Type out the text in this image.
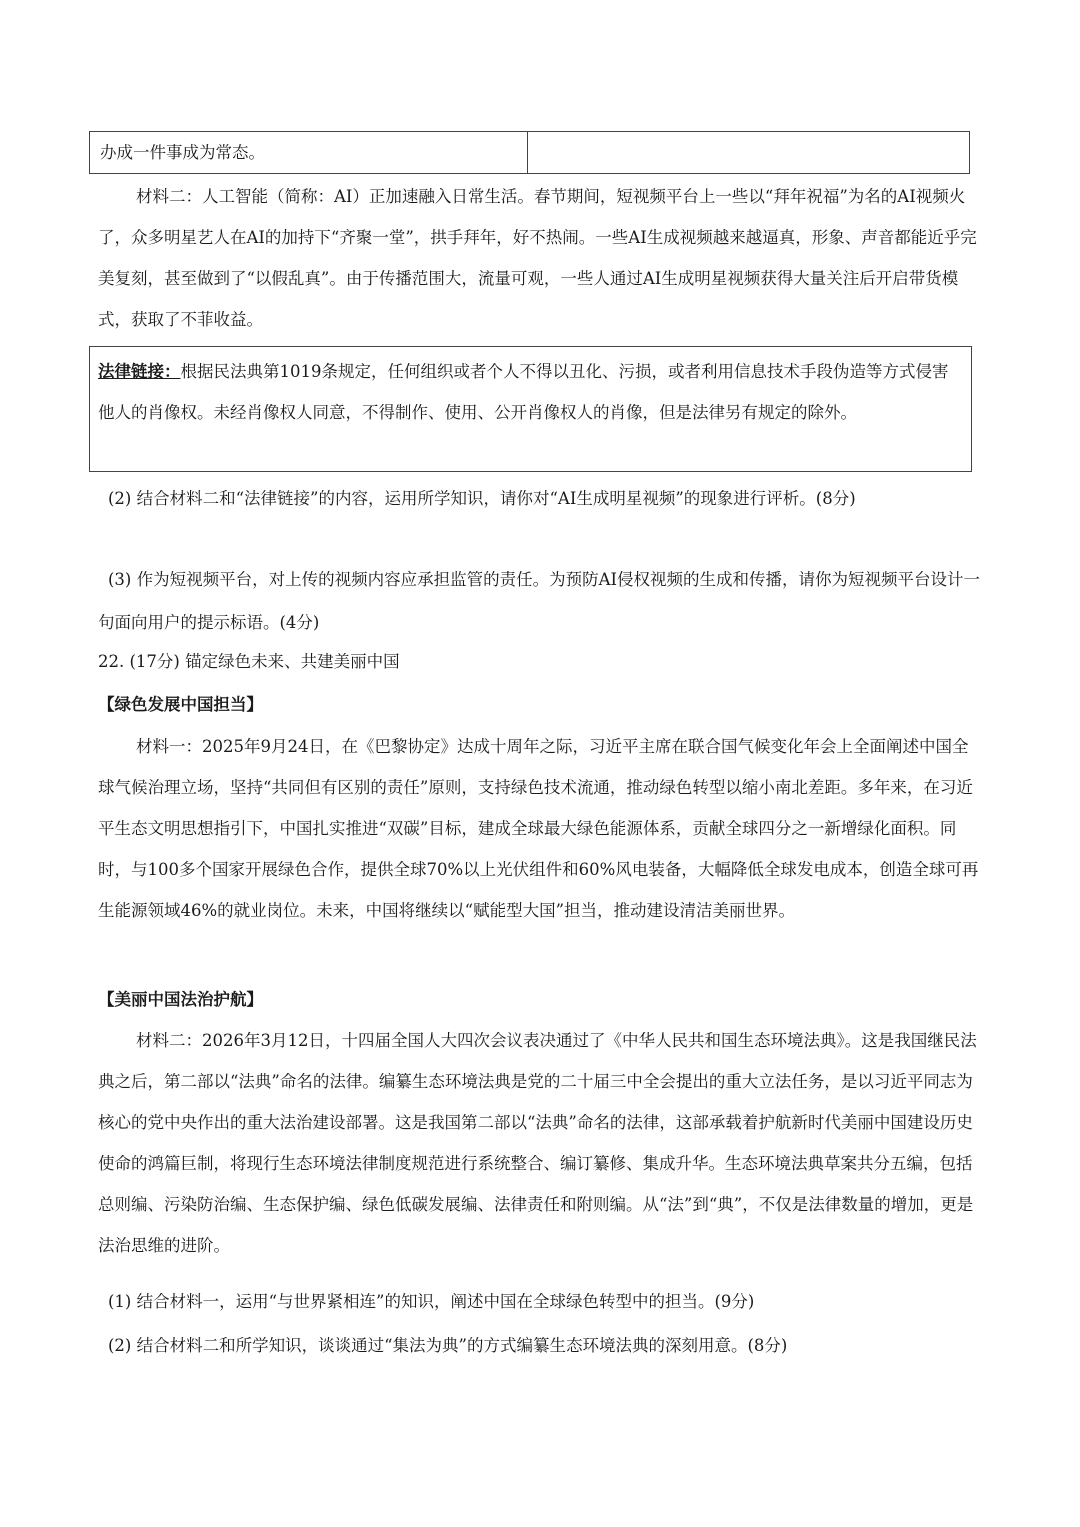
办成一件事成为常态。

材料二：人工智能（简称：AI）正加速融入日常生活。春节期间，短视频平台上一些以“拜年祝福”为名的AI视频火了，众多明星艺人在AI的加持下“齐聚一堂”，拱手拜年，好不热闹。一些AI生成视频越来越逼真，形象、声音都能近乎完美复刻，甚至做到了“以假乱真”。由于传播范围大，流量可观，一些人通过AI生成明星视频获得大量关注后开启带货模式，获取了不菲收益。

法律链接：根据民法典第1019条规定，任何组织或者个人不得以丑化、污损，或者利用信息技术手段伪造等方式侵害他人的肖像权。未经肖像权人同意，不得制作、使用、公开肖像权人的肖像，但是法律另有规定的除外。

(2) 结合材料二和“法律链接”的内容，运用所学知识，请你对“AI生成明星视频”的现象进行评析。(8分)

(3) 作为短视频平台，对上传的视频内容应承担监管的责任。为预防AI侵权视频的生成和传播，请你为短视频平台设计一句面向用户的提示标语。(4分)

22. (17分) 锚定绿色未来、共建美丽中国

【绿色发展中国担当】

材料一：2025年9月24日，在《巴黎协定》达成十周年之际，习近平主席在联合国气候变化年会上全面阐述中国全球气候治理立场，坚持“共同但有区别的责任”原则，支持绿色技术流通，推动绿色转型以缩小南北差距。多年来，在习近平生态文明思想指引下，中国扎实推进“双碳”目标，建成全球最大绿色能源体系，贡献全球四分之一新增绿化面积。同时，与100多个国家开展绿色合作，提供全球70%以上光伏组件和60%风电装备，大幅降低全球发电成本，创造全球可再生能源领域46%的就业岗位。未来，中国将继续以“赋能型大国”担当，推动建设清洁美丽世界。

【美丽中国法治护航】

材料二：2026年3月12日，十四届全国人大四次会议表决通过了《中华人民共和国生态环境法典》。这是我国继民法典之后，第二部以“法典”命名的法律。编纂生态环境法典是党的二十届三中全会提出的重大立法任务，是以习近平同志为核心的党中央作出的重大法治建设部署。这是我国第二部以“法典”命名的法律，这部承载着护航新时代美丽中国建设历史使命的鸿篇巨制，将现行生态环境法律制度规范进行系统整合、编订纂修、集成升华。生态环境法典草案共分五编，包括总则编、污染防治编、生态保护编、绿色低碳发展编、法律责任和附则编。从“法”到“典”，不仅是法律数量的增加，更是法治思维的进阶。

(1) 结合材料一，运用“与世界紧相连”的知识，阐述中国在全球绿色转型中的担当。(9分)

(2) 结合材料二和所学知识，谈谈通过“集法为典”的方式编纂生态环境法典的深刻用意。(8分)
